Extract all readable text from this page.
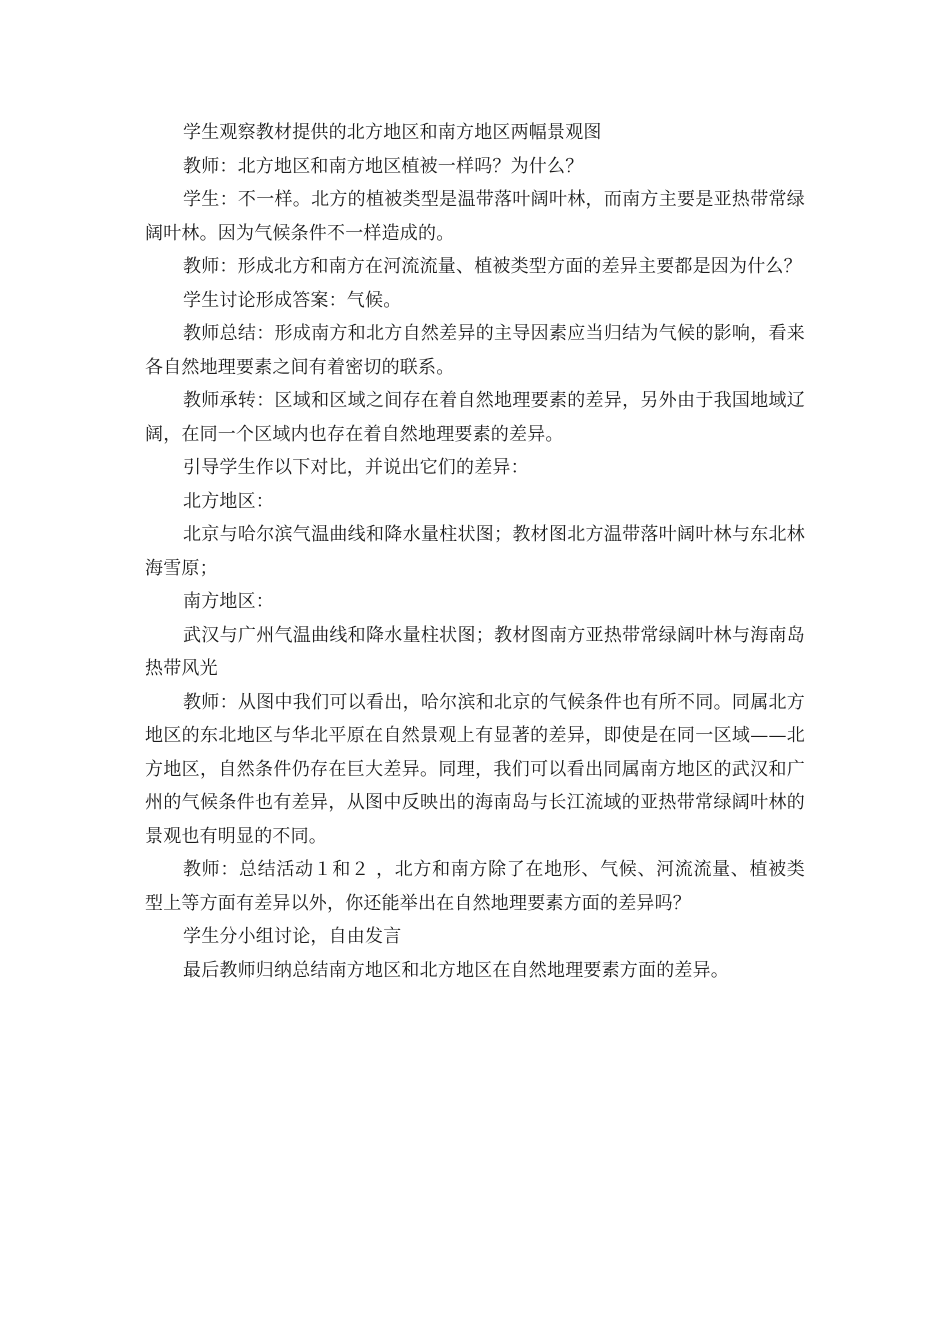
学生观察教材提供的北方地区和南方地区两幅景观图

教师：北方地区和南方地区植被一样吗？为什么？

学生：不一样。北方的植被类型是温带落叶阔叶林，而南方主要是亚热带常绿阔叶林。因为气候条件不一样造成的。

教师：形成北方和南方在河流流量、植被类型方面的差异主要都是因为什么？

学生讨论形成答案：气候。

教师总结：形成南方和北方自然差异的主导因素应当归结为气候的影响，看来各自然地理要素之间有着密切的联系。

教师承转：区域和区域之间存在着自然地理要素的差异，另外由于我国地域辽阔，在同一个区域内也存在着自然地理要素的差异。

引导学生作以下对比，并说出它们的差异：

北方地区：

北京与哈尔滨气温曲线和降水量柱状图；教材图北方温带落叶阔叶林与东北林海雪原；

南方地区：

武汉与广州气温曲线和降水量柱状图；教材图南方亚热带常绿阔叶林与海南岛热带风光

教师：从图中我们可以看出，哈尔滨和北京的气候条件也有所不同。同属北方地区的东北地区与华北平原在自然景观上有显著的差异，即使是在同一区域——北方地区，自然条件仍存在巨大差异。同理，我们可以看出同属南方地区的武汉和广州的气候条件也有差异，从图中反映出的海南岛与长江流域的亚热带常绿阔叶林的景观也有明显的不同。

教师：总结活动１和２ ，北方和南方除了在地形、气候、河流流量、植被类型上等方面有差异以外，你还能举出在自然地理要素方面的差异吗？

学生分小组讨论，自由发言

最后教师归纳总结南方地区和北方地区在自然地理要素方面的差异。
